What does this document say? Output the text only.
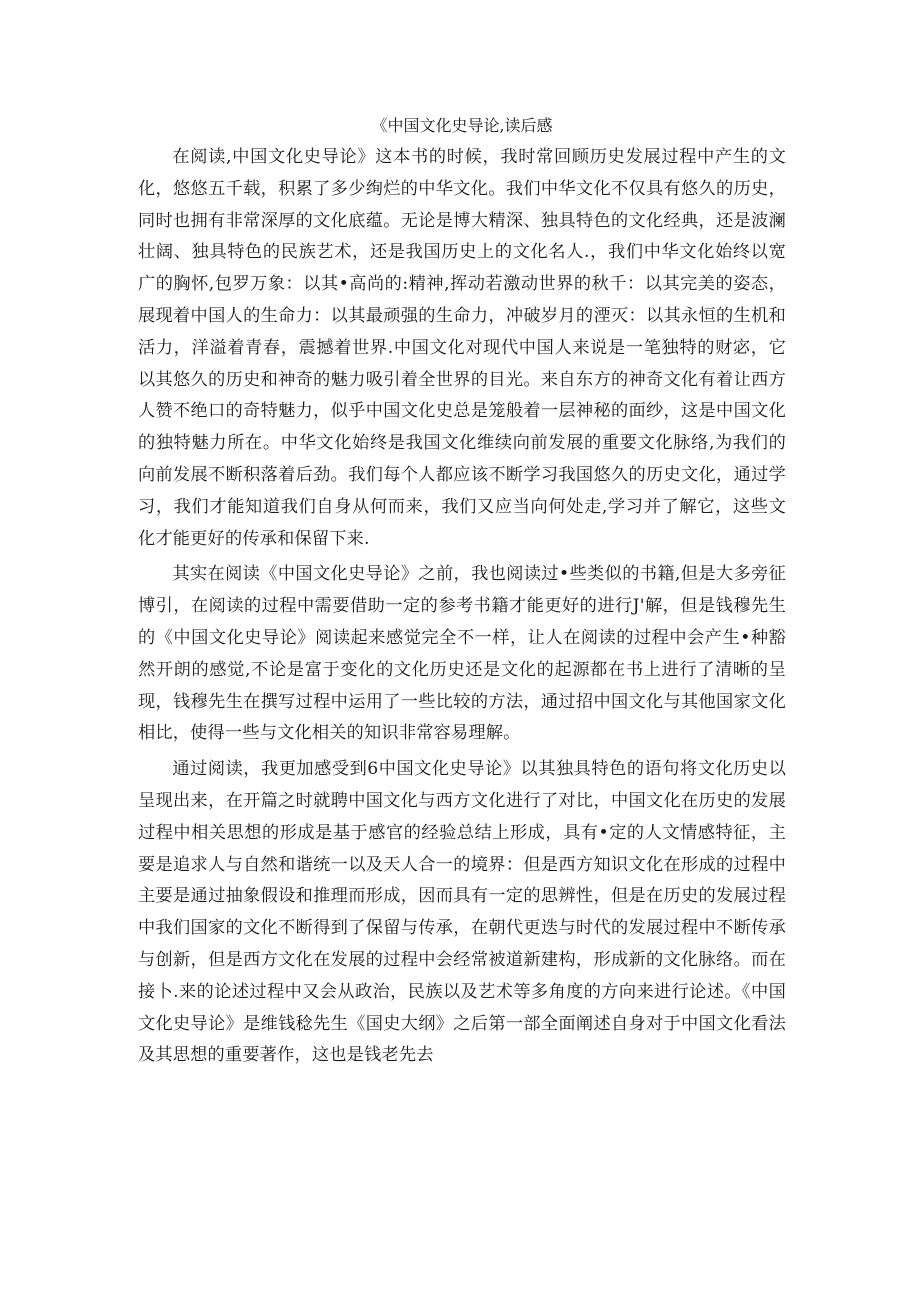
《中国文化史导论,读后感

在阅读,中国文化史导论》这本书的时候，我时常回顾历史发展过程中产生的文化，悠悠五千载，积累了多少绚烂的中华文化。我们中华文化不仅具有悠久的历史，同时也拥有非常深厚的文化底蕴。无论是博大精深、独具特色的文化经典，还是波澜壮阔、独具特色的民族艺术，还是我国历史上的文化名人.，我们中华文化始终以宽广的胸怀,包罗万象：以其•高尚的:精神,挥动若激动世界的秋千：以其完美的姿态，展现着中国人的生命力：以其最顽强的生命力，冲破岁月的湮灭：以其永恒的生机和活力，洋溢着青春，震撼着世界.中国文化对现代中国人来说是一笔独特的财宓，它以其悠久的历史和神奇的魅力吸引着全世界的目光。来自东方的神奇文化有着让西方人赞不绝口的奇特魅力，似乎中国文化史总是笼般着一层神秘的面纱，这是中国文化的独特魅力所在。中华文化始终是我国文化维续向前发展的重要文化脉络,为我们的向前发展不断积落着后劲。我们每个人都应该不断学习我国悠久的历史文化，通过学习，我们才能知道我们自身从何而来，我们又应当向何处走,学习并了解它，这些文化才能更好的传承和保留下来.

其实在阅读《中国文化史导论》之前，我也阅读过•些类似的书籍,但是大多旁征博引，在阅读的过程中需要借助一定的参考书籍才能更好的进行J'解，但是钱穆先生的《中国文化史导论》阅读起来感觉完全不一样，让人在阅读的过程中会产生•种豁然开朗的感觉,不论是富于变化的文化历史还是文化的起源都在书上进行了清晰的呈现，钱穆先生在撰写过程中运用了一些比较的方法，通过招中国文化与其他国家文化相比，使得一些与文化相关的知识非常容易理解。

通过阅读，我更加感受到6中国文化史导论》以其独具特色的语句将文化历史以呈现出来，在开篇之时就聘中国文化与西方文化进行了对比，中国文化在历史的发展过程中相关思想的形成是基于感官的经验总结上形成，具有•定的人文情感特征，主要是追求人与自然和谐统一以及天人合一的境界：但是西方知识文化在形成的过程中主要是通过抽象假设和推理而形成，因而具有一定的思辨性，但是在历史的发展过程中我们国家的文化不断得到了保留与传承，在朝代更迭与时代的发展过程中不断传承与创新，但是西方文化在发展的过程中会经常被道新建构，形成新的文化脉络。而在接卜.来的论述过程中又会从政治，民族以及艺术等多角度的方向来进行论述。《中国文化史导论》是维钱稔先生《国史大纲》之后第一部全面阐述自身对于中国文化看法及其思想的重要著作，这也是钱老先去
